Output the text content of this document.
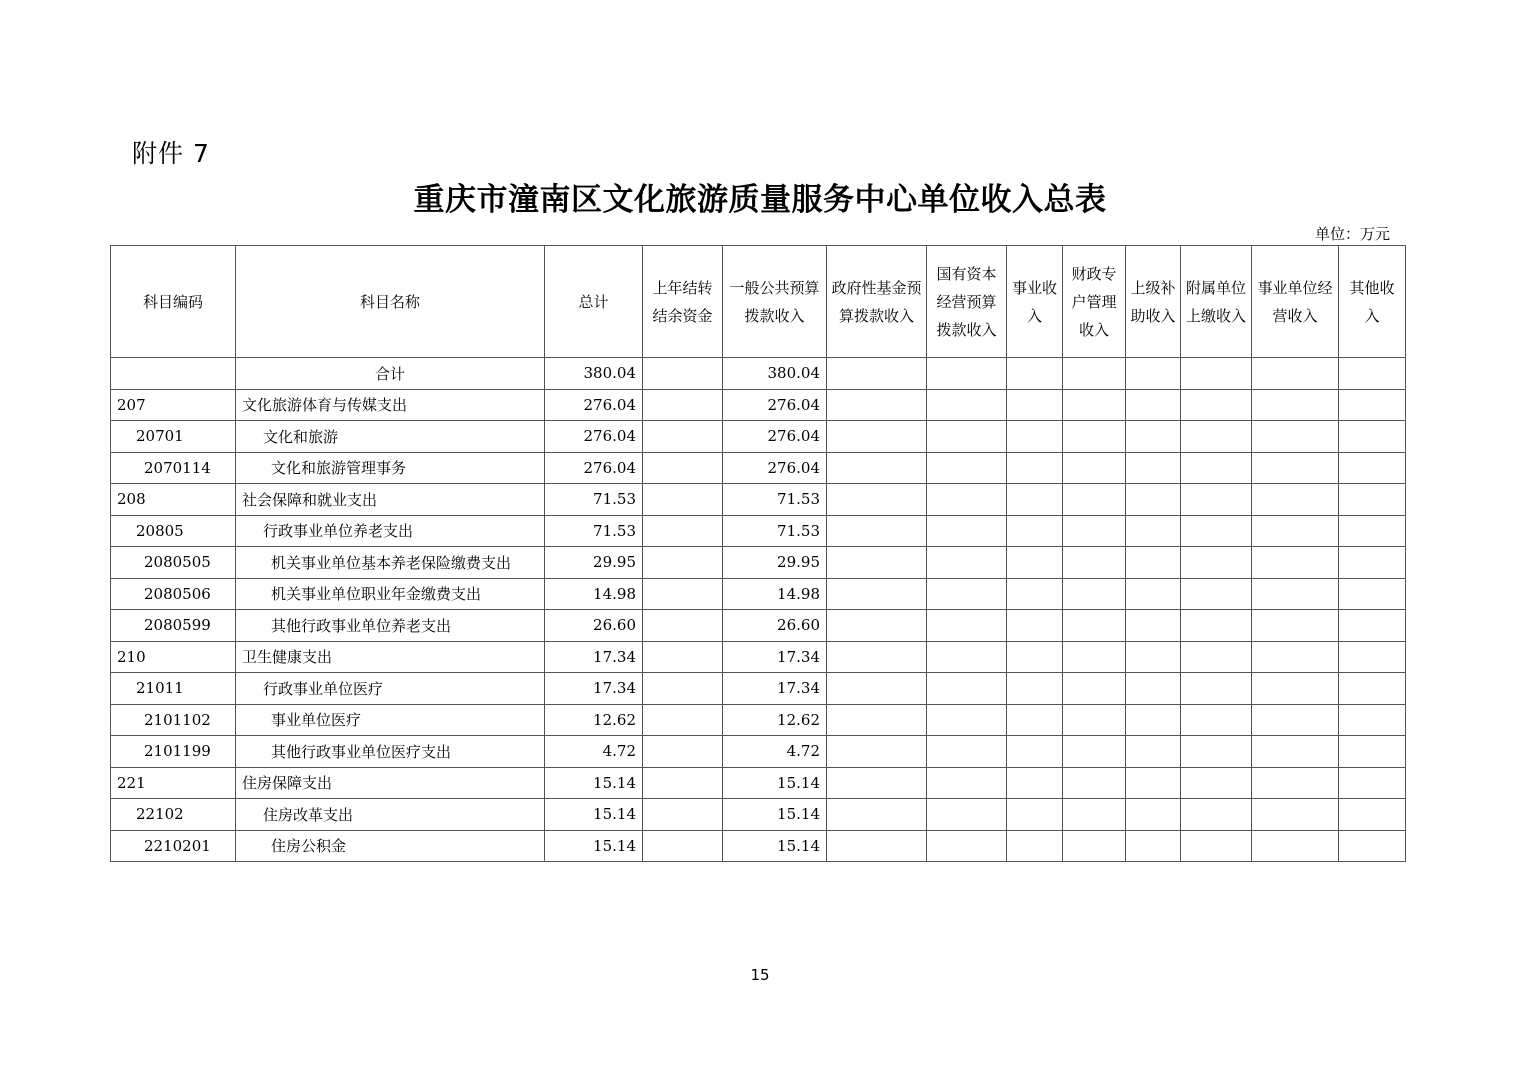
附件 7
重庆市潼南区文化旅游质量服务中心单位收入总表
单位：万元
科目编码	科目名称	总计	上年结转结余资金	一般公共预算拨款收入	政府性基金预算拨款收入	国有资本经营预算拨款收入	事业收入	财政专户管理收入	上级补助收入	附属单位上缴收入	事业单位经营收入	其他收入
	合计	380.04		380.04								
207	文化旅游体育与传媒支出	276.04		276.04								
20701	文化和旅游	276.04		276.04								
2070114	文化和旅游管理事务	276.04		276.04								
208	社会保障和就业支出	71.53		71.53								
20805	行政事业单位养老支出	71.53		71.53								
2080505	机关事业单位基本养老保险缴费支出	29.95		29.95								
2080506	机关事业单位职业年金缴费支出	14.98		14.98								
2080599	其他行政事业单位养老支出	26.60		26.60								
210	卫生健康支出	17.34		17.34								
21011	行政事业单位医疗	17.34		17.34								
2101102	事业单位医疗	12.62		12.62								
2101199	其他行政事业单位医疗支出	4.72		4.72								
221	住房保障支出	15.14		15.14								
22102	住房改革支出	15.14		15.14								
2210201	住房公积金	15.14		15.14								
15
